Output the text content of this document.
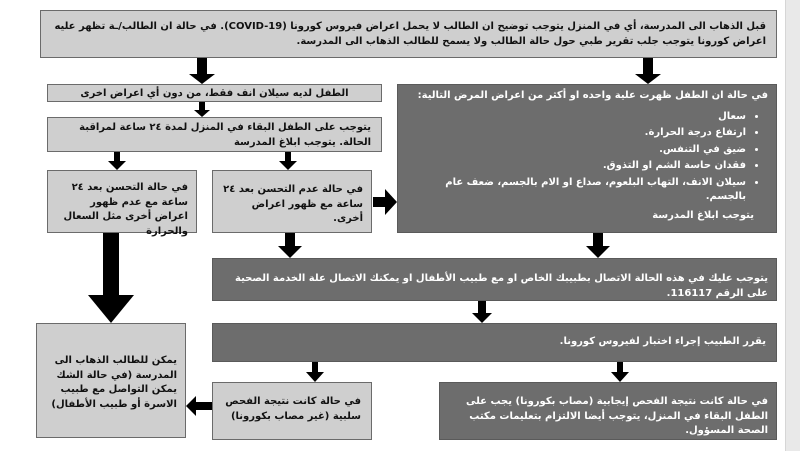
قبل الذهاب الى المدرسة، أي في المنزل يتوجب توضيح ان الطالب لا يحمل اعراض فيروس كورونا (COVID-19). في حالة ان الطالب/ـة تظهر عليه اعراض كورونا يتوجب جلب تقرير طبي حول حالة الطالب ولا يسمح للطالب الذهاب الى المدرسة.
الطفل لديه سيلان انف فقط، من دون أي اعراض اخرى
يتوجب على الطفل البقاء في المنزل لمدة ٢٤ ساعة لمراقبة الحالة. يتوجب ابلاغ المدرسة
في حالة التحسن بعد ٢٤ ساعة مع عدم ظهور اعراض أخرى مثل السعال والحرارة
في حالة عدم التحسن بعد ٢٤ ساعة مع ظهور اعراض أخرى.
في حالة ان الطفل ظهرت علية واحده او أكثر من اعراض المرض التالية:
• سعال
• ارتفاع درجة الحرارة.
• ضيق في التنفس.
• فقدان حاسة الشم او التذوق.
• سيلان الانف، التهاب البلعوم، صداع او الام بالجسم، ضعف عام بالجسم.
يتوجب ابلاغ المدرسة
يتوجب عليك في هذه الحالة الاتصال بطبيبك الخاص او مع طبيب الأطفال او يمكنك الاتصال علة الخدمة الصحية على الرقم 116117.
يقرر الطبيب إجراء اختبار لفيروس كورونا.
يمكن للطالب الذهاب الى المدرسة (في حالة الشك يمكن التواصل مع طبيب الاسرة أو طبيب الأطفال)	في حالة كانت نتيجة الفحص سلبية (غير مصاب بكورونا)
في حالة كانت نتيجة الفحص إيجابية (مصاب بكورونا) يجب على الطفل البقاء في المنزل، يتوجب أيضا الالتزام بتعليمات مكتب الصحة المسؤول.
